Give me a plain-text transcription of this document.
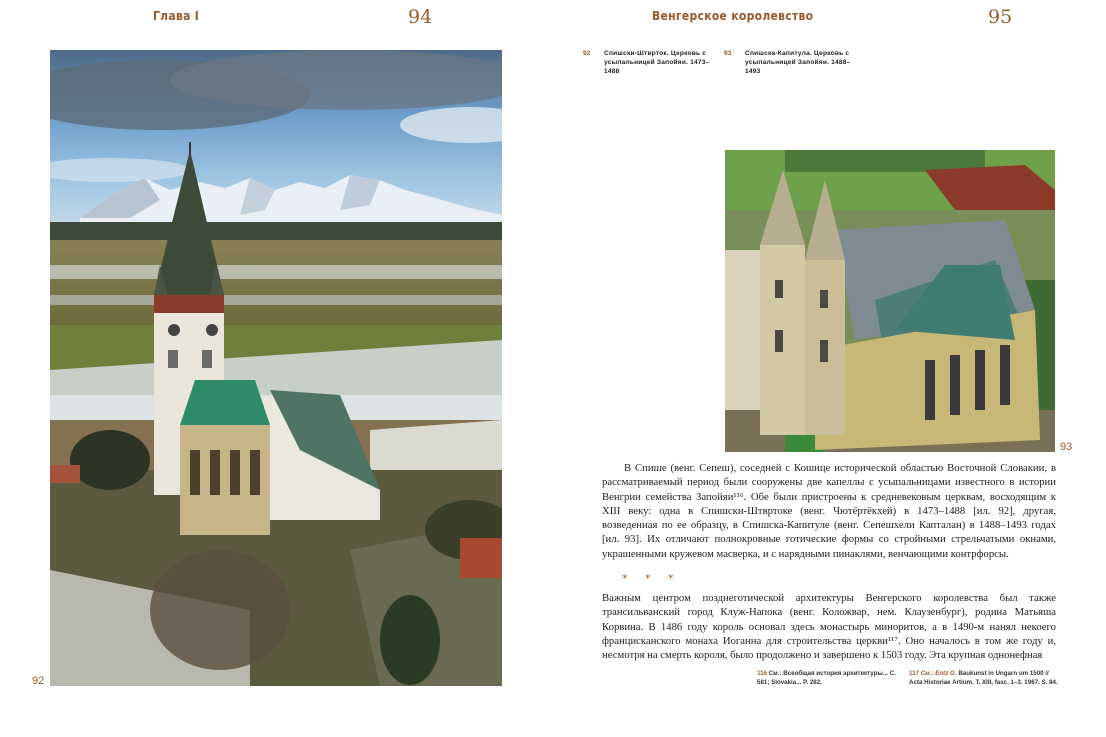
Глава I	94
92
Венгерское королевство	95
92 Спишски-Штврток. Церковь с усыпальницей Запойяи. 1473–1488
93 Спишска-Капитула. Церковь с усыпальницей Запойяи. 1488–1493
93

В Спише (венг. Сепеш), соседней с Кошице исторической областью Восточной Словакии, в рассматриваемый период были сооружены две капеллы с усыпальницами известного в истории Венгрии семейства Запойяи¹¹⁶. Обе были пристроены к средневековым церквам, восходящим к XIII веку: одна в Спишски-Штвртоке (венг. Чютёртёкхей) в 1473–1488 [ил. 92], другая, возведенная по ее образцу, в Спишска-Капитуле (венг. Сепешхели Капталан) в 1488–1493 годах [ил. 93]. Их отличают полнокровные готические формы со стройными стрельчатыми окнами, украшенными кружевом масверка, и с нарядными пинаклями, венчающими контрфорсы.

* * *

Важным центром позднеготической архитектуры Венгерского королевства был также трансильванский город Клуж-Напока (венг. Коложвар, нем. Клаузенбург), родина Матьяша Корвина. В 1486 году король основал здесь монастырь миноритов, а в 1490-м нанял некоего францисканского монаха Иоганна для строительства церкви¹¹⁷. Оно началось в том же году и, несмотря на смерть короля, было продолжено и завершено к 1503 году. Эта крупная однонефная

116 См.: Всеобщая история архитектуры... С. 581; Slovakia... P. 282.
117 См.: Entz G. Baukunst in Ungarn um 1500 // Acta Historiae Artium. T. XIII, fasc. 1–3. 1967. S. 84.
